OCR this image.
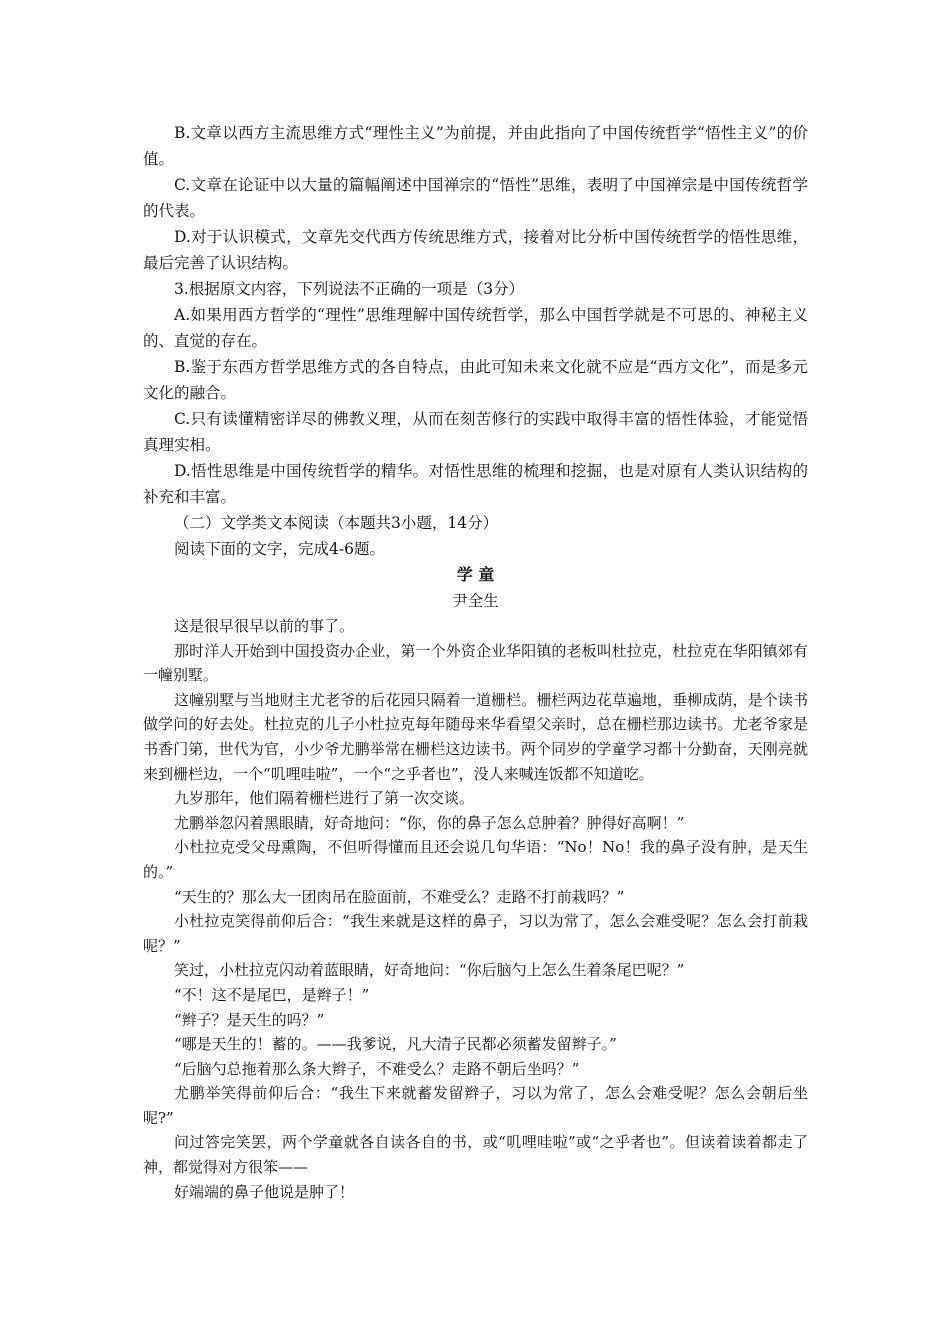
B.文章以西方主流思维方式“理性主义”为前提，并由此指向了中国传统哲学“悟性主义”的价值。

C.文章在论证中以大量的篇幅阐述中国禅宗的“悟性”思维，表明了中国禅宗是中国传统哲学的代表。

D.对于认识模式，文章先交代西方传统思维方式，接着对比分析中国传统哲学的悟性思维，最后完善了认识结构。

3.根据原文内容，下列说法不正确的一项是（3分）

A.如果用西方哲学的“理性”思维理解中国传统哲学，那么中国哲学就是不可思的、神秘主义的、直觉的存在。

B.鉴于东西方哲学思维方式的各自特点，由此可知未来文化就不应是“西方文化”，而是多元文化的融合。

C.只有读懂精密详尽的佛教义理，从而在刻苦修行的实践中取得丰富的悟性体验，才能觉悟真理实相。

D.悟性思维是中国传统哲学的精华。对悟性思维的梳理和挖掘，也是对原有人类认识结构的补充和丰富。

（二）文学类文本阅读（本题共3小题，14分）

阅读下面的文字，完成4-6题。

学 童

尹全生

这是很早很早以前的事了。

那时洋人开始到中国投资办企业，第一个外资企业华阳镇的老板叫杜拉克，杜拉克在华阳镇郊有一幢别墅。

这幢别墅与当地财主尤老爷的后花园只隔着一道栅栏。栅栏两边花草遍地，垂柳成荫，是个读书做学问的好去处。杜拉克的儿子小杜拉克每年随母来华看望父亲时，总在栅栏那边读书。尤老爷家是书香门第，世代为官，小少爷尤鹏举常在栅栏这边读书。两个同岁的学童学习都十分勤奋，天刚亮就来到栅栏边，一个“叽哩哇啦”，一个“之乎者也”，没人来喊连饭都不知道吃。

九岁那年，他们隔着栅栏进行了第一次交谈。

尤鹏举忽闪着黑眼睛，好奇地问：“你，你的鼻子怎么总肿着？肿得好高啊！”

小杜拉克受父母熏陶，不但听得懂而且还会说几句华语：“No！No！我的鼻子没有肿，是天生的。”

“天生的？那么大一团肉吊在脸面前，不难受么？走路不打前栽吗？”

小杜拉克笑得前仰后合：“我生来就是这样的鼻子，习以为常了，怎么会难受呢？怎么会打前栽呢？”

笑过，小杜拉克闪动着蓝眼睛，好奇地问：“你后脑勺上怎么生着条尾巴呢？”

“不！这不是尾巴，是辫子！”

“辫子？是天生的吗？”

“哪是天生的！蓄的。——我爹说，凡大清子民都必须蓄发留辫子。”

“后脑勺总拖着那么条大辫子，不难受么？走路不朝后坐吗？”

尤鹏举笑得前仰后合：“我生下来就蓄发留辫子，习以为常了，怎么会难受呢？怎么会朝后坐呢?”

问过答完笑罢，两个学童就各自读各自的书，或“叽哩哇啦”或“之乎者也”。但读着读着都走了神，都觉得对方很笨——

好端端的鼻子他说是肿了！
